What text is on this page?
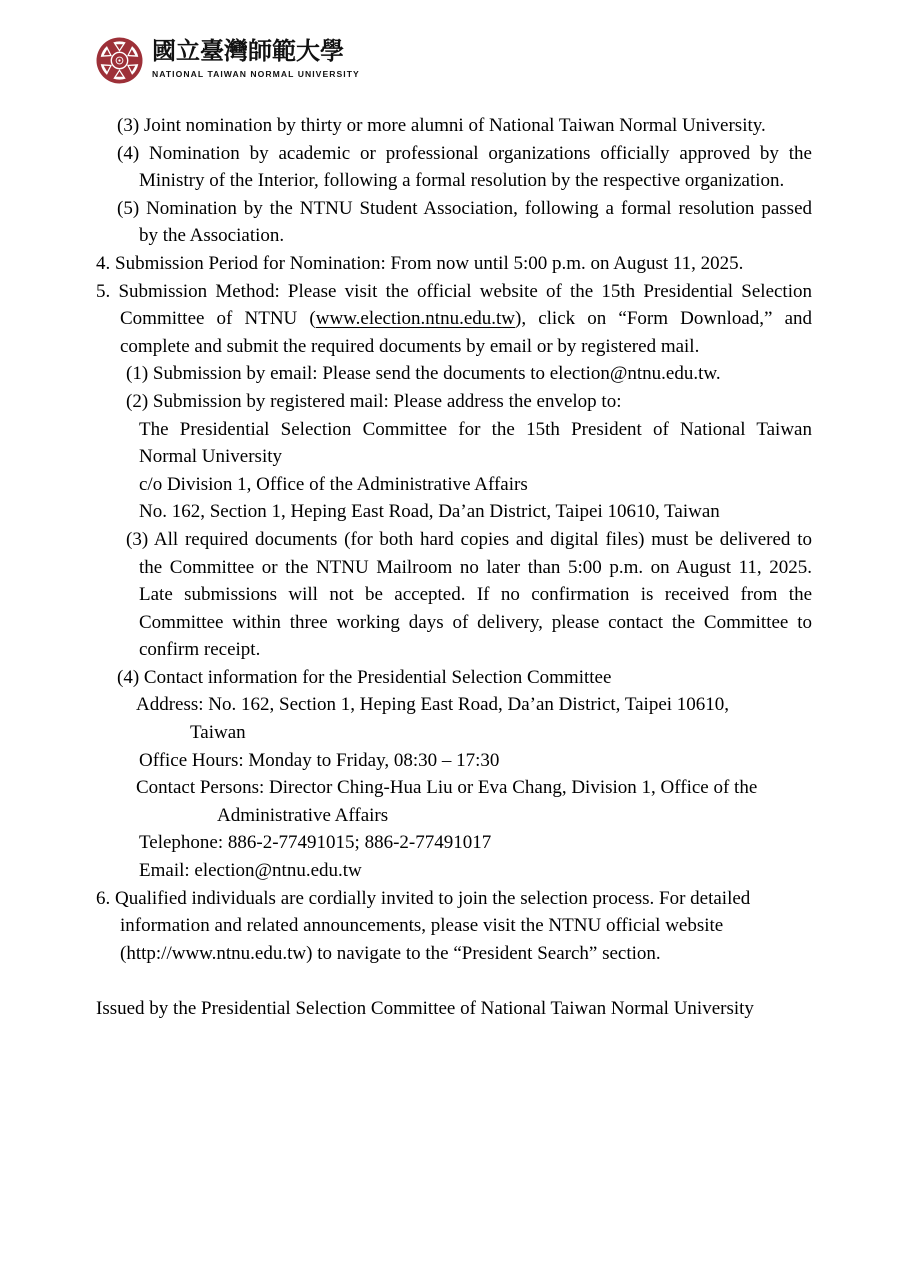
國立臺灣師範大學
NATIONAL TAIWAN NORMAL UNIVERSITY
(3) Joint nomination by thirty or more alumni of National Taiwan Normal University.
(4) Nomination by academic or professional organizations officially approved by the
Ministry of the Interior, following a formal resolution by the respective organization.
(5) Nomination by the NTNU Student Association, following a formal resolution passed
by the Association.
4. Submission Period for Nomination: From now until 5:00 p.m. on August 11, 2025.
5. Submission Method: Please visit the official website of the 15th Presidential Selection
Committee of NTNU (www.election.ntnu.edu.tw), click on “Form Download,” and
complete and submit the required documents by email or by registered mail.
(1) Submission by email: Please send the documents to election@ntnu.edu.tw.
(2) Submission by registered mail: Please address the envelop to:
The Presidential Selection Committee for the 15th President of National Taiwan
Normal University
c/o Division 1, Office of the Administrative Affairs
No. 162, Section 1, Heping East Road, Da’an District, Taipei 10610, Taiwan
(3) All required documents (for both hard copies and digital files) must be delivered to
the Committee or the NTNU Mailroom no later than 5:00 p.m. on August 11, 2025.
Late submissions will not be accepted. If no confirmation is received from the
Committee within three working days of delivery, please contact the Committee to
confirm receipt.
(4) Contact information for the Presidential Selection Committee
Address: No. 162, Section 1, Heping East Road, Da’an District, Taipei 10610,
Taiwan
Office Hours: Monday to Friday, 08:30 – 17:30
Contact Persons: Director Ching-Hua Liu or Eva Chang, Division 1, Office of the
Administrative Affairs
Telephone: 886-2-77491015; 886-2-77491017
Email: election@ntnu.edu.tw
6. Qualified individuals are cordially invited to join the selection process. For detailed
information and related announcements, please visit the NTNU official website
(http://www.ntnu.edu.tw) to navigate to the “President Search” section.
Issued by the Presidential Selection Committee of National Taiwan Normal University
